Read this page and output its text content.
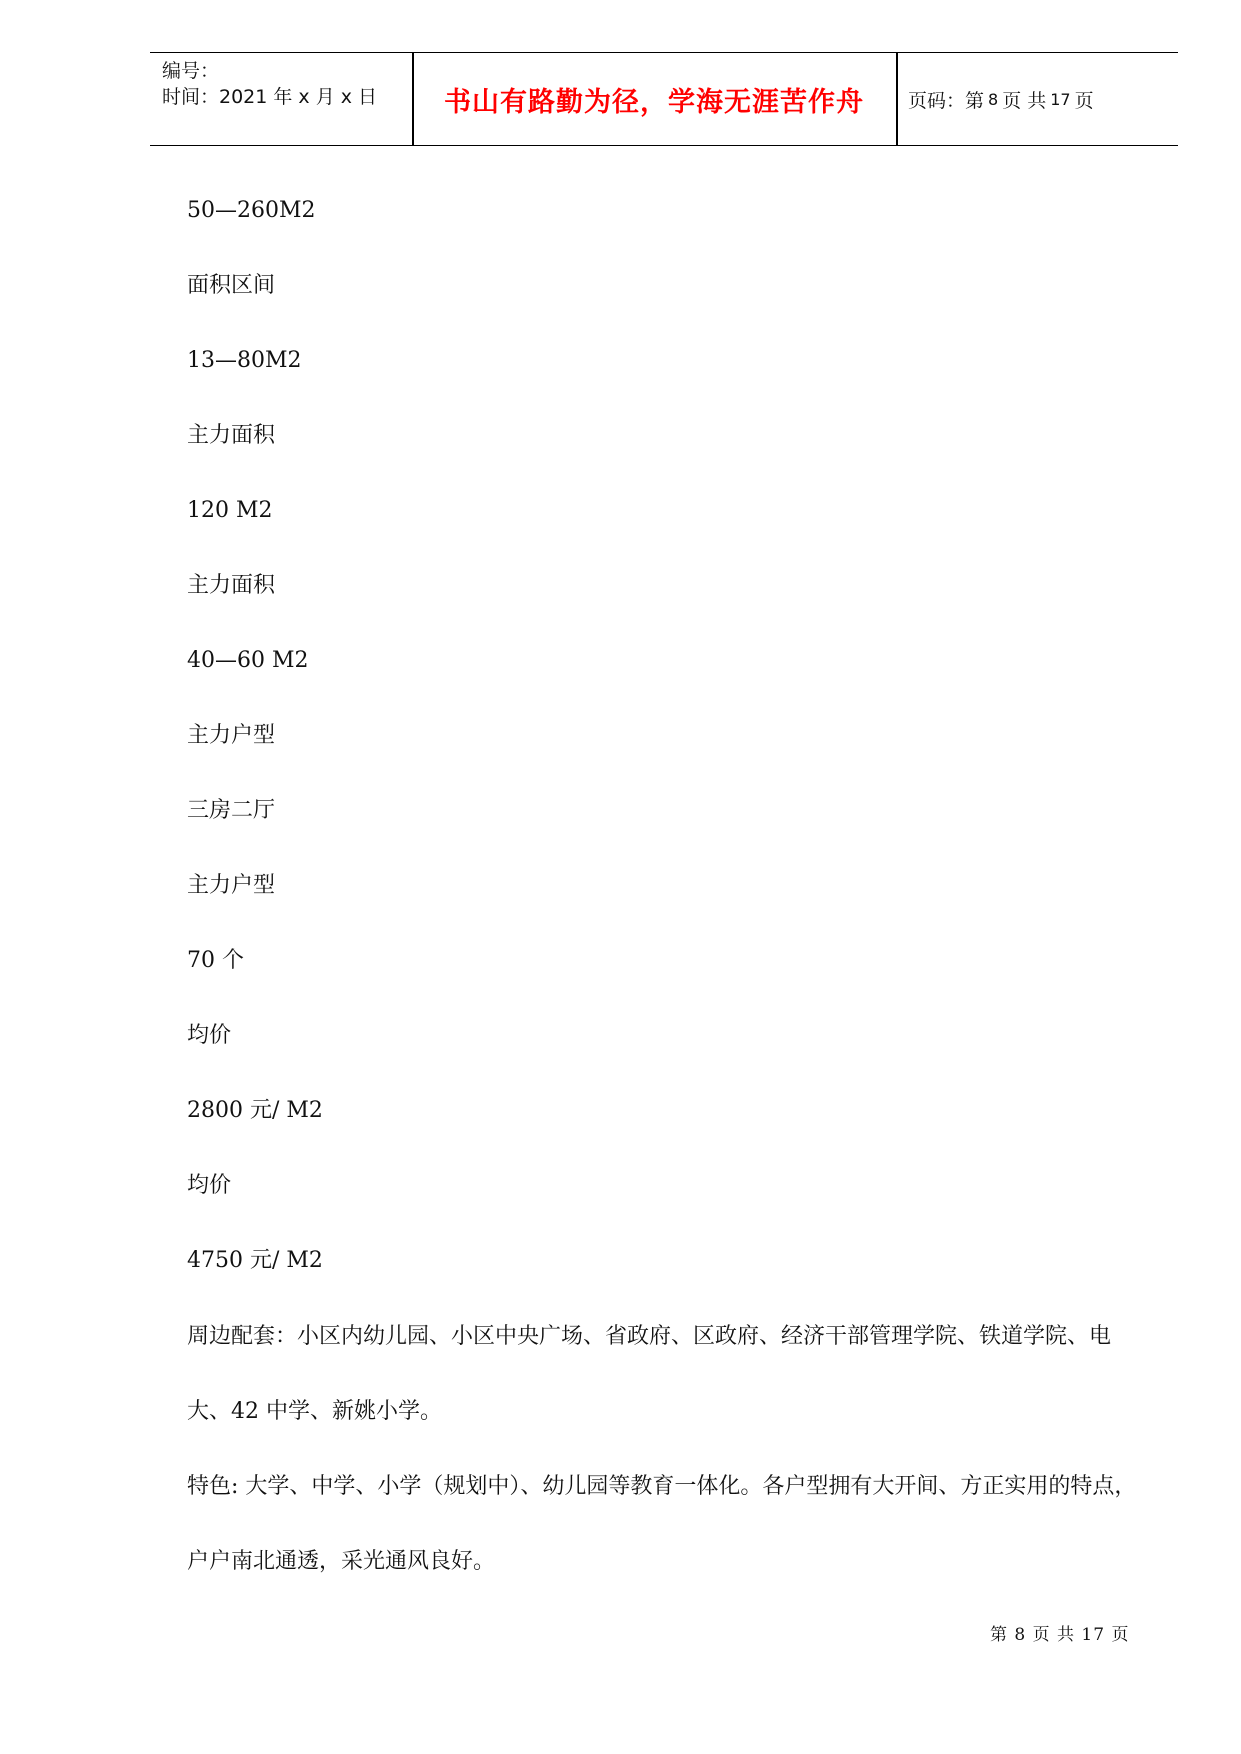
编号：
时间：2021 年 x 月 x 日	书山有路勤为径，学海无涯苦作舟	页码：第 8 页 共 17 页
50—260M2
面积区间
13—80M2
主力面积
120 M2
主力面积
40—60 M2
主力户型
三房二厅
主力户型
70 个
均价
2800 元/ M2
均价
4750 元/ M2
周边配套：小区内幼儿园、小区中央广场、省政府、区政府、经济干部管理学院、铁道学院、电大、42 中学、新姚小学。
特色: 大学、中学、小学（规划中）、幼儿园等教育一体化。各户型拥有大开间、方正实用的特点，户户南北通透，采光通风良好。
第 8 页 共 17 页
